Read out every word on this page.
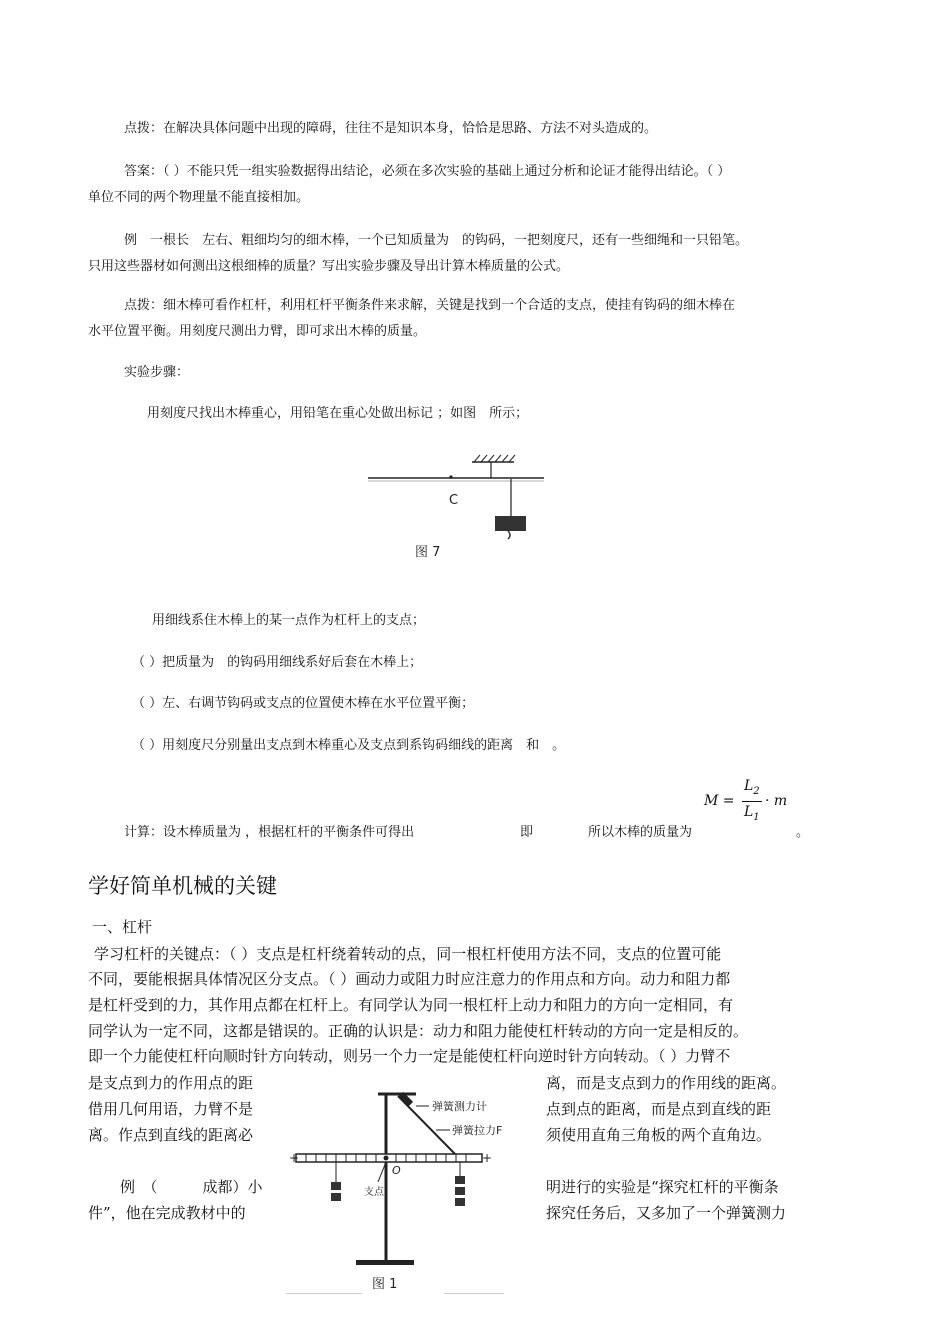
点拨：在解决具体问题中出现的障碍，往往不是知识本身，恰恰是思路、方法不对头造成的。
答案：（ ）不能只凭一组实验数据得出结论，必须在多次实验的基础上通过分析和论证才能得出结论。（ ）
单位不同的两个物理量不能直接相加。
例　一根长　左右、粗细均匀的细木棒，一个已知质量为　的钩码，一把刻度尺，还有一些细绳和一只铅笔。
只用这些器材如何测出这根细棒的质量？写出实验步骤及导出计算木棒质量的公式。
点拨：细木棒可看作杠杆，利用杠杆平衡条件来求解，关键是找到一个合适的支点，使挂有钩码的细木棒在
水平位置平衡。用刻度尺测出力臂，即可求出木棒的质量。
实验步骤：
用刻度尺找出木棒重心，用铅笔在重心处做出标记 ；如图　所示；
C
图 7
用细线系住木棒上的某一点作为杠杆上的支点；
（ ）把质量为　的钩码用细线系好后套在木棒上；
（ ）左、右调节钩码或支点的位置使木棒在水平位置平衡；
（ ）用刻度尺分别量出支点到木棒重心及支点到系钩码细线的距离　和　。
M =
$L_2$
$L_1$
· m
计算：设木棒质量为 ，根据杠杆的平衡条件可得出	即	所以木棒的质量为	。
学好简单机械的关键
一、杠杆
学习杠杆的关键点：（ ）支点是杠杆绕着转动的点，同一根杠杆使用方法不同，支点的位置可能
不同，要能根据具体情况区分支点。（ ）画动力或阻力时应注意力的作用点和方向。动力和阻力都
是杠杆受到的力，其作用点都在杠杆上。有同学认为同一根杠杆上动力和阻力的方向一定相同，有
同学认为一定不同，这都是错误的。正确的认识是：动力和阻力能使杠杆转动的方向一定是相反的。
即一个力能使杠杆向顺时针方向转动，则另一个力一定是能使杠杆向逆时针方向转动。（ ）力臂不
是支点到力的作用点的距
借用几何用语，力臂不是
离。作点到直线的距离必
离，而是支点到力的作用线的距离。
点到点的距离，而是点到直线的距
须使用直角三角板的两个直角边。
例　（　　　成都）小
件”，他在完成教材中的
明进行的实验是“探究杠杆的平衡条
探究任务后，又多加了一个弹簧测力
弹簧测力计
弹簧拉力F
+	+
O
支点
图 1
